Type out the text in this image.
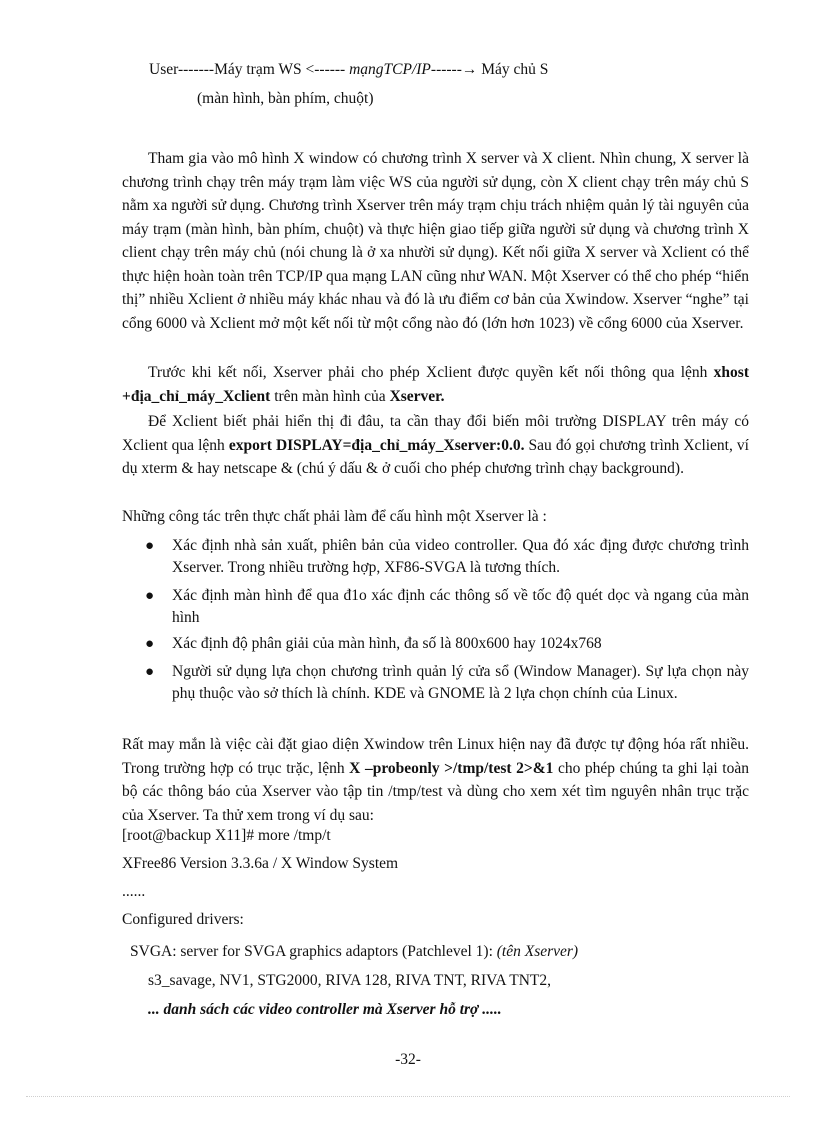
User-------Máy trạm WS <------ mạngTCP/IP------→ Máy chủ S
(màn hình, bàn phím, chuột)
Tham gia vào mô hình X window có chương trình X server và X client. Nhìn chung, X server là chương trình chạy trên máy trạm làm việc WS của người sử dụng, còn X client chạy trên máy chủ S nằm xa người sử dụng. Chương trình Xserver trên máy trạm chịu trách nhiệm quản lý tài nguyên của máy trạm (màn hình, bàn phím, chuột) và thực hiện giao tiếp giữa người sử dụng và chương trình X client chạy trên máy chủ (nói chung là ở xa nhười sử dụng). Kết nối giữa X server và Xclient có thể thực hiện hoàn toàn trên TCP/IP qua mạng LAN cũng như WAN. Một Xserver có thể cho phép “hiển thị” nhiều Xclient ở nhiều máy khác nhau và đó là ưu điểm cơ bản của Xwindow. Xserver “nghe” tại cổng 6000 và Xclient mở một kết nối từ một cổng nào đó (lớn hơn 1023) về cổng 6000 của Xserver.
Trước khi kết nối, Xserver phải cho phép Xclient được quyền kết nối thông qua lệnh xhost +địa_chỉ_máy_Xclient trên màn hình của Xserver.
Để Xclient biết phải hiển thị đi đâu, ta cần thay đổi biến môi trường DISPLAY trên máy có Xclient qua lệnh export DISPLAY=địa_chỉ_máy_Xserver:0.0. Sau đó gọi chương trình Xclient, ví dụ xterm & hay netscape & (chú ý dấu & ở cuối cho phép chương trình chạy background).
Những công tác trên thực chất phải làm để cấu hình một Xserver là :
● Xác định nhà sản xuất, phiên bản của video controller. Qua đó xác địng được chương trình Xserver. Trong nhiều trường hợp, XF86-SVGA là tương thích.
● Xác định màn hình để qua đ1o xác định các thông số về tốc độ quét dọc và ngang của màn hình
● Xác định độ phân giải của màn hình, đa số là 800x600 hay 1024x768
● Người sử dụng lựa chọn chương trình quản lý cửa sổ (Window Manager). Sự lựa chọn này phụ thuộc vào sở thích là chính. KDE và GNOME là 2 lựa chọn chính của Linux.
Rất may mắn là việc cài đặt giao diện Xwindow trên Linux hiện nay đã được tự động hóa rất nhiều. Trong trường hợp có trục trặc, lệnh X –probeonly >/tmp/test 2>&1 cho phép chúng ta ghi lại toàn bộ các thông báo của Xserver vào tập tin /tmp/test và dùng cho xem xét tìm nguyên nhân trục trặc của Xserver. Ta thử xem trong ví dụ sau:
[root@backup X11]# more /tmp/t
XFree86 Version 3.3.6a / X Window System
......
Configured drivers:
SVGA: server for SVGA graphics adaptors (Patchlevel 1): (tên Xserver)
s3_savage, NV1, STG2000, RIVA 128, RIVA TNT, RIVA TNT2,
... danh sách các video controller mà Xserver hỗ trợ .....
-32-
